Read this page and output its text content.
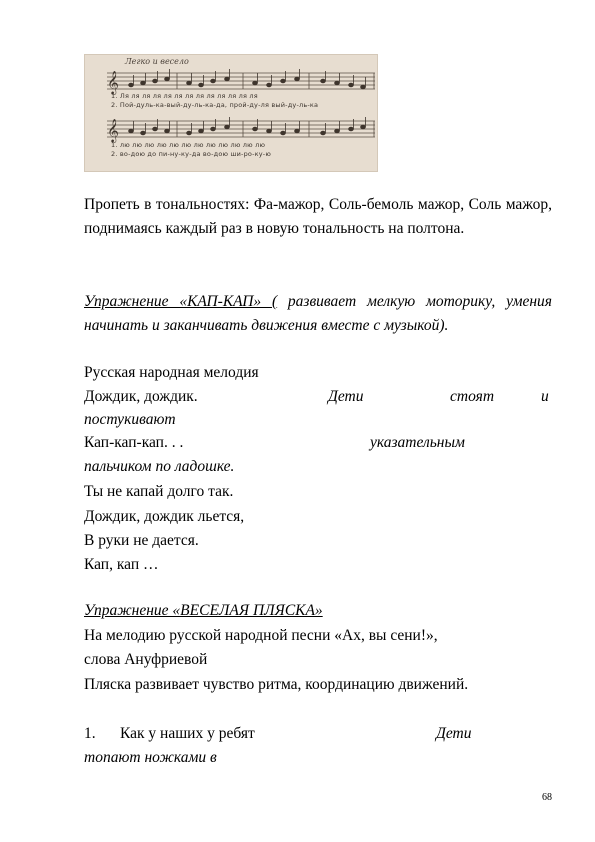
𝄞
𝄞
Легко и весело
1. Ля ля ля ля ля ля ля ля ля ля ля ля ля
2. Пой-дуль-ка-вый-ду-ль-ка-да, прой-ду-ля вый-ду-ль-ка
1. лю лю лю лю лю лю лю лю лю лю лю лю
2. во-дою до пи-ну-ку-да во-дою ши-ро-ку-ю

Пропеть в тональностях: Фа-мажор, Соль-бемоль мажор, Соль мажор, поднимаясь каждый раз в новую тональность на полтона.

Упражнение «КАП-КАП» ( развивает мелкую моторику, умения начинать и заканчивать движения вместе с музыкой).

Русская народная мелодия
Дождик, дождик.	Дети	стоят	и
постукивают
Кап-кап-кап. . .	указательным
пальчиком по ладошке.
Ты не капай долго так.
Дождик, дождик льется,
В руки не дается.
Кап, кап …
Упражнение «ВЕСЕЛАЯ ПЛЯСКА»
На мелодию русской народной песни «Ах, вы сени!»,
слова Ануфриевой

Пляска развивает чувство ритма, координацию движений.

1. Как у наших у ребят	Дети
топают ножками в
68
